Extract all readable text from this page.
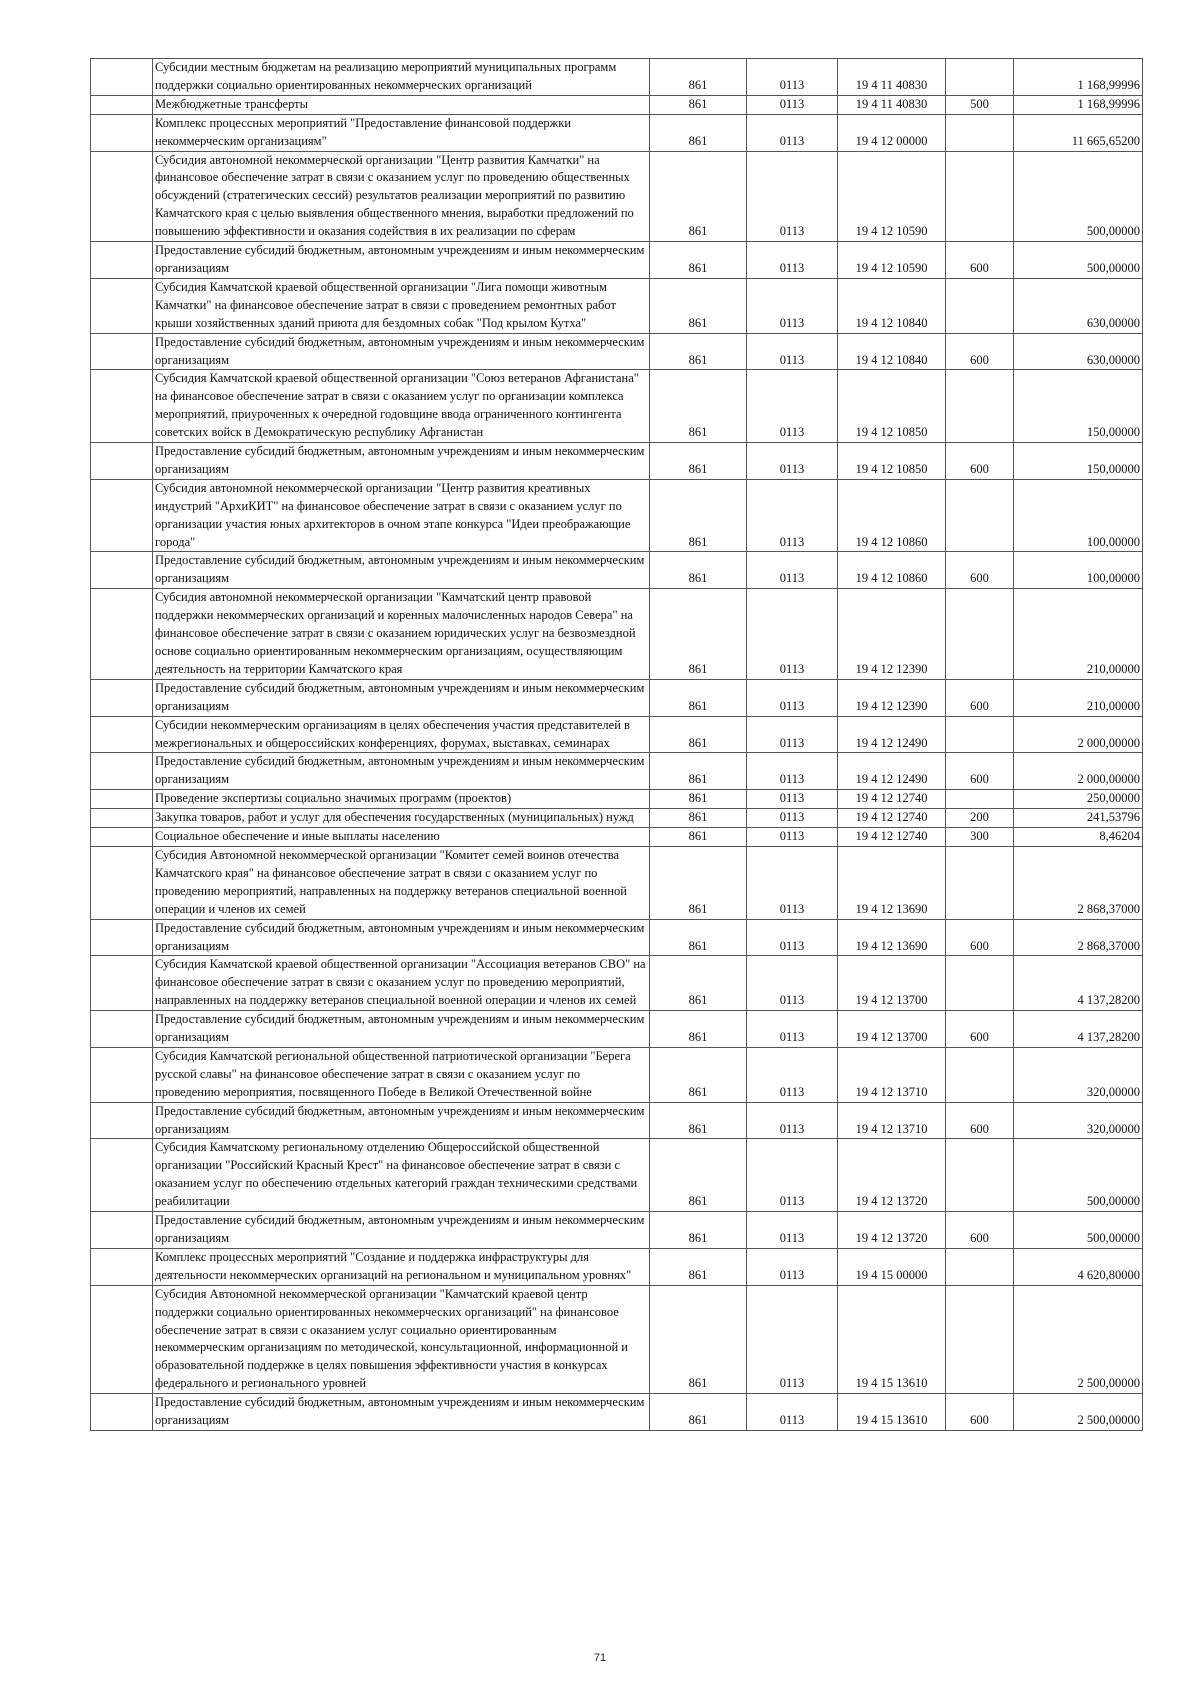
	Субсидии местным бюджетам на реализацию мероприятий муниципальных программ поддержки социально ориентированных некоммерческих организаций	861	0113	19 4 11 40830		1 168,99996
	Межбюджетные трансферты	861	0113	19 4 11 40830	500	1 168,99996
	Комплекс процессных мероприятий "Предоставление финансовой поддержки некоммерческим организациям"	861	0113	19 4 12 00000		11 665,65200
	Субсидия автономной некоммерческой организации "Центр развития Камчатки" на финансовое обеспечение затрат в связи с оказанием услуг по проведению общественных обсуждений (стратегических сессий) результатов реализации мероприятий по развитию Камчатского края с целью выявления общественного мнения, выработки предложений по повышению эффективности и оказания содействия в их реализации по сферам	861	0113	19 4 12 10590		500,00000
	Предоставление субсидий бюджетным, автономным учреждениям и иным некоммерческим организациям	861	0113	19 4 12 10590	600	500,00000
	Субсидия Камчатской краевой общественной организации "Лига помощи животным Камчатки" на финансовое обеспечение затрат в связи с проведением ремонтных работ крыши хозяйственных зданий приюта для бездомных собак "Под крылом Кутха"	861	0113	19 4 12 10840		630,00000
	Предоставление субсидий бюджетным, автономным учреждениям и иным некоммерческим организациям	861	0113	19 4 12 10840	600	630,00000
	Субсидия Камчатской краевой общественной организации "Союз ветеранов Афганистана" на финансовое обеспечение затрат в связи с оказанием услуг по организации комплекса мероприятий, приуроченных к очередной годовщине ввода ограниченного контингента советских войск в Демократическую республику Афганистан	861	0113	19 4 12 10850		150,00000
	Предоставление субсидий бюджетным, автономным учреждениям и иным некоммерческим организациям	861	0113	19 4 12 10850	600	150,00000
	Субсидия автономной некоммерческой организации "Центр развития креативных индустрий "АрхиКИТ" на финансовое обеспечение затрат в связи с оказанием услуг по организации участия юных архитекторов в очном этапе конкурса "Идеи преображающие города"	861	0113	19 4 12 10860		100,00000
	Предоставление субсидий бюджетным, автономным учреждениям и иным некоммерческим организациям	861	0113	19 4 12 10860	600	100,00000
	Субсидия автономной некоммерческой организации "Камчатский центр правовой поддержки некоммерческих организаций и коренных малочисленных народов Севера" на финансовое обеспечение затрат в связи с оказанием юридических услуг на безвозмездной основе социально ориентированным некоммерческим организациям, осуществляющим деятельность на территории Камчатского края	861	0113	19 4 12 12390		210,00000
	Предоставление субсидий бюджетным, автономным учреждениям и иным некоммерческим организациям	861	0113	19 4 12 12390	600	210,00000
	Субсидии некоммерческим организациям в целях обеспечения участия представителей в межрегиональных и общероссийских конференциях, форумах, выставках, семинарах	861	0113	19 4 12 12490		2 000,00000
	Предоставление субсидий бюджетным, автономным учреждениям и иным некоммерческим организациям	861	0113	19 4 12 12490	600	2 000,00000
	Проведение экспертизы социально значимых программ (проектов)	861	0113	19 4 12 12740		250,00000
	Закупка товаров, работ и услуг для обеспечения государственных (муниципальных) нужд	861	0113	19 4 12 12740	200	241,53796
	Социальное обеспечение и иные выплаты населению	861	0113	19 4 12 12740	300	8,46204
	Субсидия Автономной некоммерческой организации "Комитет семей воинов отечества Камчатского края" на финансовое обеспечение затрат в связи с оказанием услуг по проведению мероприятий, направленных на поддержку ветеранов специальной военной операции и членов их семей	861	0113	19 4 12 13690		2 868,37000
	Предоставление субсидий бюджетным, автономным учреждениям и иным некоммерческим организациям	861	0113	19 4 12 13690	600	2 868,37000
	Субсидия Камчатской краевой общественной организации "Ассоциация ветеранов СВО" на финансовое обеспечение затрат в связи с оказанием услуг по проведению мероприятий, направленных на поддержку ветеранов специальной военной операции и членов их семей	861	0113	19 4 12 13700		4 137,28200
	Предоставление субсидий бюджетным, автономным учреждениям и иным некоммерческим организациям	861	0113	19 4 12 13700	600	4 137,28200
	Субсидия Камчатской региональной общественной патриотической организации "Берега русской славы" на финансовое обеспечение затрат в связи с оказанием услуг по проведению мероприятия, посвященного Победе в Великой Отечественной войне	861	0113	19 4 12 13710		320,00000
	Предоставление субсидий бюджетным, автономным учреждениям и иным некоммерческим организациям	861	0113	19 4 12 13710	600	320,00000
	Субсидия Камчатскому региональному отделению Общероссийской общественной организации "Российский Красный Крест" на финансовое обеспечение затрат в связи с оказанием услуг по обеспечению отдельных категорий граждан техническими средствами реабилитации	861	0113	19 4 12 13720		500,00000
	Предоставление субсидий бюджетным, автономным учреждениям и иным некоммерческим организациям	861	0113	19 4 12 13720	600	500,00000
	Комплекс процессных мероприятий "Создание и поддержка инфраструктуры для деятельности некоммерческих организаций на региональном и муниципальном уровнях"	861	0113	19 4 15 00000		4 620,80000
	Субсидия Автономной некоммерческой организации "Камчатский краевой центр поддержки социально ориентированных некоммерческих организаций" на финансовое обеспечение затрат в связи с оказанием услуг социально ориентированным некоммерческим организациям по методической, консультационной, информационной и образовательной поддержке в целях повышения эффективности участия в конкурсах федерального и регионального уровней	861	0113	19 4 15 13610		2 500,00000
	Предоставление субсидий бюджетным, автономным учреждениям и иным некоммерческим организациям	861	0113	19 4 15 13610	600	2 500,00000
71
